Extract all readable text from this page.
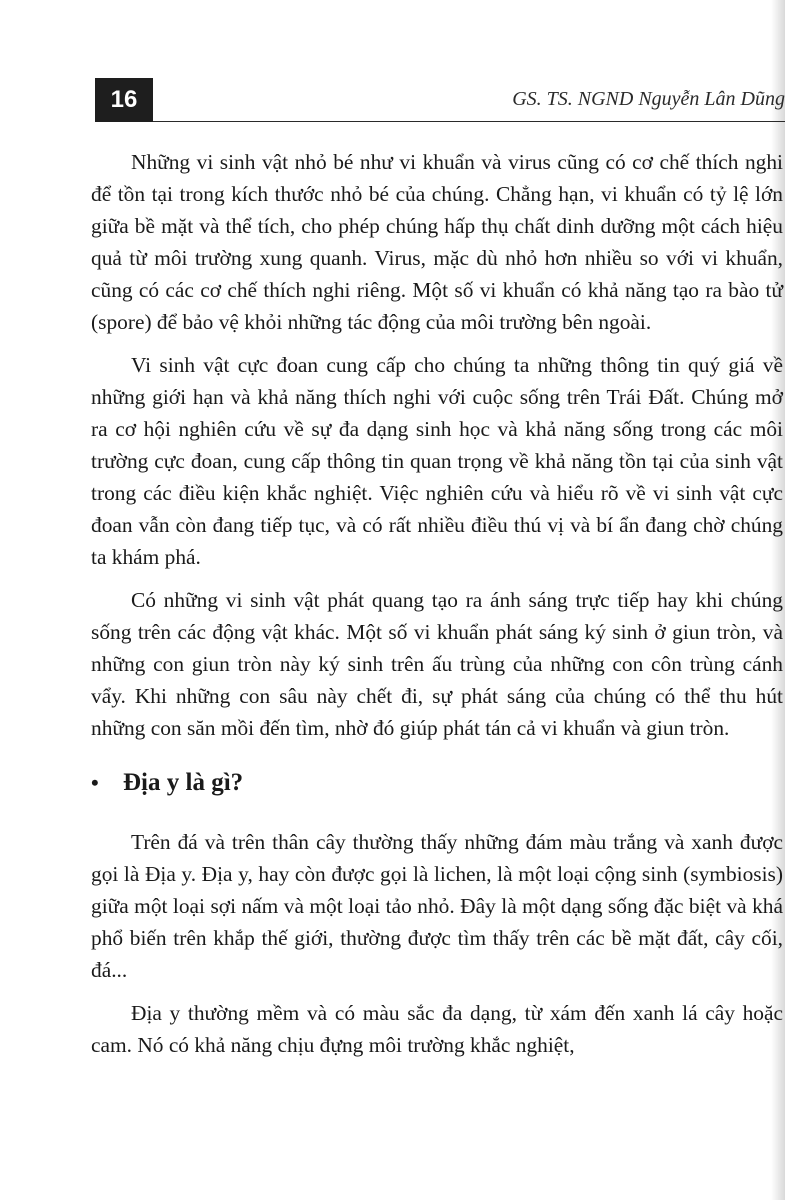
16	GS. TS. NGND Nguyễn Lân Dũng

Những vi sinh vật nhỏ bé như vi khuẩn và virus cũng có cơ chế thích nghi để tồn tại trong kích thước nhỏ bé của chúng. Chẳng hạn, vi khuẩn có tỷ lệ lớn giữa bề mặt và thể tích, cho phép chúng hấp thụ chất dinh dưỡng một cách hiệu quả từ môi trường xung quanh. Virus, mặc dù nhỏ hơn nhiều so với vi khuẩn, cũng có các cơ chế thích nghi riêng. Một số vi khuẩn có khả năng tạo ra bào tử (spore) để bảo vệ khỏi những tác động của môi trường bên ngoài.

Vi sinh vật cực đoan cung cấp cho chúng ta những thông tin quý giá về những giới hạn và khả năng thích nghi với cuộc sống trên Trái Đất. Chúng mở ra cơ hội nghiên cứu về sự đa dạng sinh học và khả năng sống trong các môi trường cực đoan, cung cấp thông tin quan trọng về khả năng tồn tại của sinh vật trong các điều kiện khắc nghiệt. Việc nghiên cứu và hiểu rõ về vi sinh vật cực đoan vẫn còn đang tiếp tục, và có rất nhiều điều thú vị và bí ẩn đang chờ chúng ta khám phá.

Có những vi sinh vật phát quang tạo ra ánh sáng trực tiếp hay khi chúng sống trên các động vật khác. Một số vi khuẩn phát sáng ký sinh ở giun tròn, và những con giun tròn này ký sinh trên ấu trùng của những con côn trùng cánh vẩy. Khi những con sâu này chết đi, sự phát sáng của chúng có thể thu hút những con săn mồi đến tìm, nhờ đó giúp phát tán cả vi khuẩn và giun tròn.

• Địa y là gì?

Trên đá và trên thân cây thường thấy những đám màu trắng và xanh được gọi là Địa y. Địa y, hay còn được gọi là lichen, là một loại cộng sinh (symbiosis) giữa một loại sợi nấm và một loại tảo nhỏ. Đây là một dạng sống đặc biệt và khá phổ biến trên khắp thế giới, thường được tìm thấy trên các bề mặt đất, cây cối, đá...

Địa y thường mềm và có màu sắc đa dạng, từ xám đến xanh lá cây hoặc cam. Nó có khả năng chịu đựng môi trường khắc nghiệt,
